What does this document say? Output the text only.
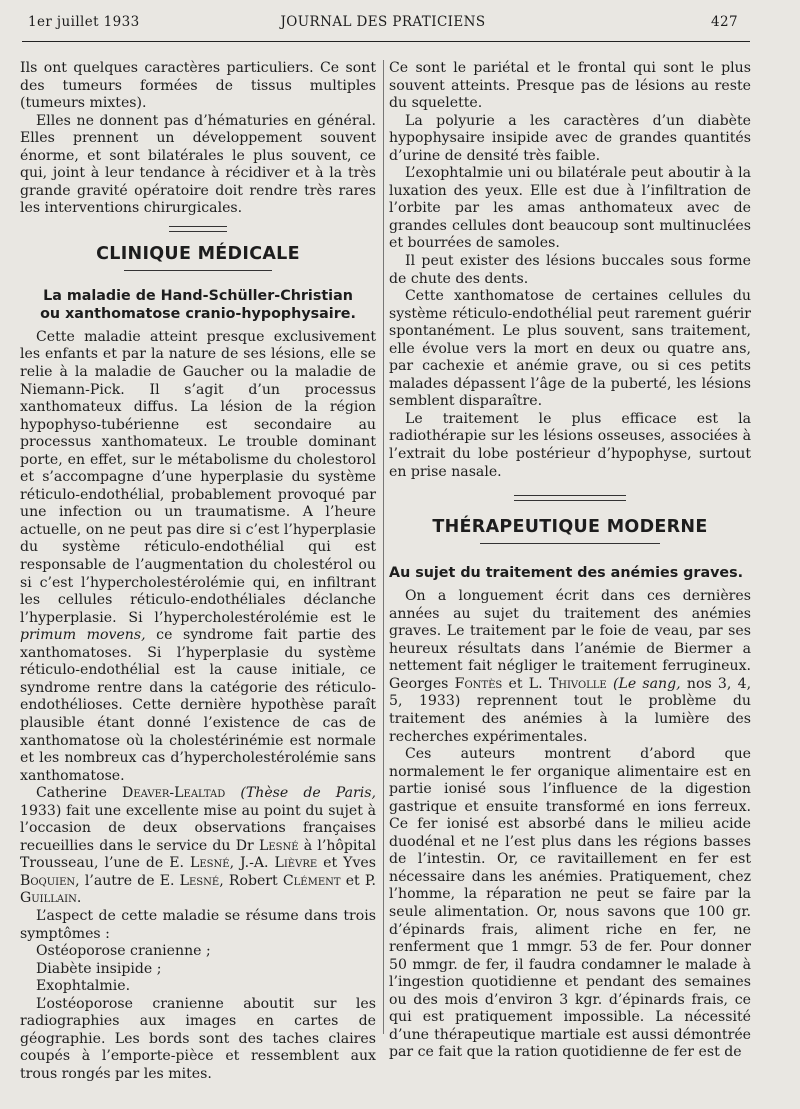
1er juillet 1933	JOURNAL DES PRATICIENS	427

Ils ont quelques caractères particuliers. Ce sont des tumeurs formées de tissus multiples (tumeurs mixtes).

Elles ne donnent pas d’hématuries en général. Elles prennent un développement souvent énorme, et sont bilatérales le plus souvent, ce qui, joint à leur tendance à récidiver et à la très grande gravité opératoire doit rendre très rares les interventions chirurgicales.

CLINIQUE MÉDICALE
La maladie de Hand-Schüller-Christian
ou xanthomatose cranio-hypophysaire.

Cette maladie atteint presque exclusivement les enfants et par la nature de ses lésions, elle se relie à la maladie de Gaucher ou la maladie de Niemann-Pick. Il s’agit d’un processus xanthomateux diffus. La lésion de la région hypophyso-tubérienne est secondaire au processus xanthomateux. Le trouble dominant porte, en effet, sur le métabolisme du cholestorol et s’accompagne d’une hyperplasie du système réticulo-endothélial, probablement provoqué par une infection ou un traumatisme. A l’heure actuelle, on ne peut pas dire si c’est l’hyperplasie du système réticulo-endothélial qui est responsable de l’augmentation du cholestérol ou si c’est l’hypercholestérolémie qui, en infiltrant les cellules réticulo-endothéliales déclanche l’hyperplasie. Si l’hypercholestérolémie est le primum movens, ce syndrome fait partie des xanthomatoses. Si l’hyperplasie du système réticulo-endothélial est la cause initiale, ce syndrome rentre dans la catégorie des réticulo-endothélioses. Cette dernière hypothèse paraît plausible étant donné l’existence de cas de xanthomatose où la cholestérinémie est normale et les nombreux cas d’hypercholestérolémie sans xanthomatose.

Catherine Deaver-Lealtad (Thèse de Paris, 1933) fait une excellente mise au point du sujet à l’occasion de deux observations françaises recueillies dans le service du Dr Lesné à l’hôpital Trousseau, l’une de E. Lesné, J.-A. Lièvre et Yves Boquien, l’autre de E. Lesné, Robert Clément et P. Guillain.

L’aspect de cette maladie se résume dans trois symptômes :

Ostéoporose cranienne ;

Diabète insipide ;

Exophtalmie.

L’ostéoporose cranienne aboutit sur les radiographies aux images en cartes de géographie. Les bords sont des taches claires coupés à l’emporte-pièce et ressemblent aux trous rongés par les mites.

Ce sont le pariétal et le frontal qui sont le plus souvent atteints. Presque pas de lésions au reste du squelette.

La polyurie a les caractères d’un diabète hypophysaire insipide avec de grandes quantités d’urine de densité très faible.

L’exophtalmie uni ou bilatérale peut aboutir à la luxation des yeux. Elle est due à l’infiltration de l’orbite par les amas anthomateux avec de grandes cellules dont beaucoup sont multinuclées et bourrées de samoles.

Il peut exister des lésions buccales sous forme de chute des dents.

Cette xanthomatose de certaines cellules du système réticulo-endothélial peut rarement guérir spontanément. Le plus souvent, sans traitement, elle évolue vers la mort en deux ou quatre ans, par cachexie et anémie grave, ou si ces petits malades dépassent l’âge de la puberté, les lésions semblent disparaître.

Le traitement le plus efficace est la radiothérapie sur les lésions osseuses, associées à l’extrait du lobe postérieur d’hypophyse, surtout en prise nasale.

THÉRAPEUTIQUE MODERNE
Au sujet du traitement des anémies graves.

On a longuement écrit dans ces dernières années au sujet du traitement des anémies graves. Le traitement par le foie de veau, par ses heureux résultats dans l’anémie de Biermer a nettement fait négliger le traitement ferrugineux. Georges Fontès et L. Thivolle (Le sang, nos 3, 4, 5, 1933) reprennent tout le problème du traitement des anémies à la lumière des recherches expérimentales.

Ces auteurs montrent d’abord que normalement le fer organique alimentaire est en partie ionisé sous l’influence de la digestion gastrique et ensuite transformé en ions ferreux. Ce fer ionisé est absorbé dans le milieu acide duodénal et ne l’est plus dans les régions basses de l’intestin. Or, ce ravitaillement en fer est nécessaire dans les anémies. Pratiquement, chez l’homme, la réparation ne peut se faire par la seule alimentation. Or, nous savons que 100 gr. d’épinards frais, aliment riche en fer, ne renferment que 1 mmgr. 53 de fer. Pour donner 50 mmgr. de fer, il faudra condamner le malade à l’ingestion quotidienne et pendant des semaines ou des mois d’environ 3 kgr. d’épinards frais, ce qui est pratiquement impossible. La nécessité d’une thérapeutique martiale est aussi démontrée par ce fait que la ration quotidienne de fer est de
